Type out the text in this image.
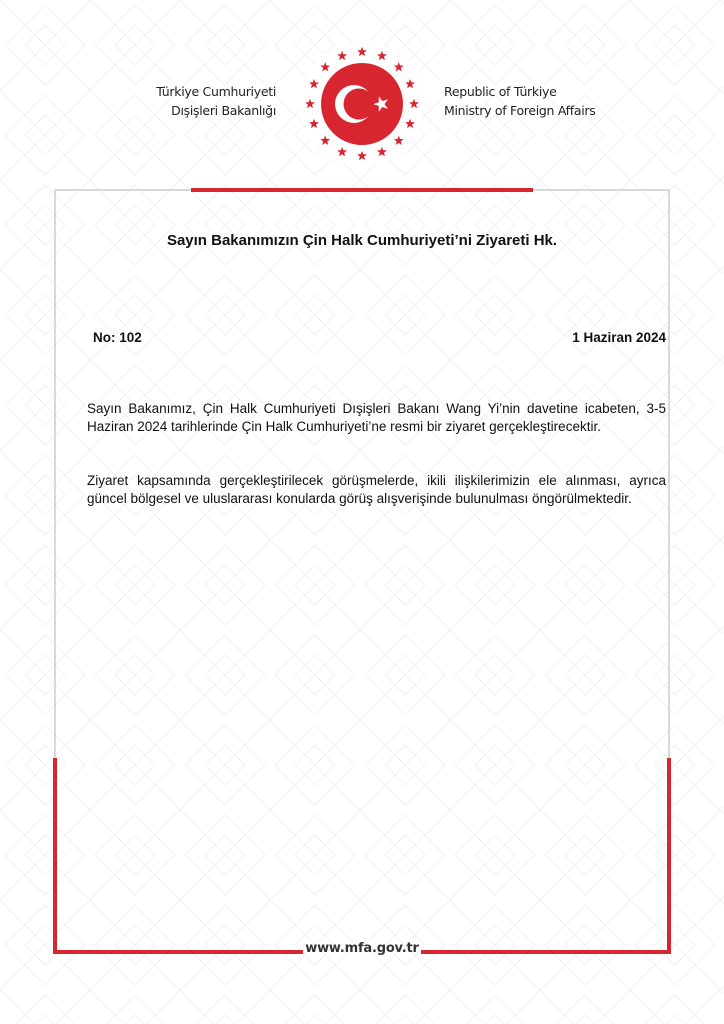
Türkiye Cumhuriyeti
Dışişleri Bakanlığı
Republic of Türkiye
Ministry of Foreign Affairs
Sayın Bakanımızın Çin Halk Cumhuriyeti’ni Ziyareti Hk.
No: 102	1 Haziran 2024
Sayın Bakanımız, Çin Halk Cumhuriyeti Dışişleri Bakanı Wang Yi’nin davetine icabeten, 3-5 Haziran 2024 tarihlerinde Çin Halk Cumhuriyeti’ne resmi bir ziyaret gerçekleştirecektir.
Ziyaret kapsamında gerçekleştirilecek görüşmelerde, ikili ilişkilerimizin ele alınması, ayrıca güncel bölgesel ve uluslararası konularda görüş alışverişinde bulunulması öngörülmektedir.
www.mfa.gov.tr
